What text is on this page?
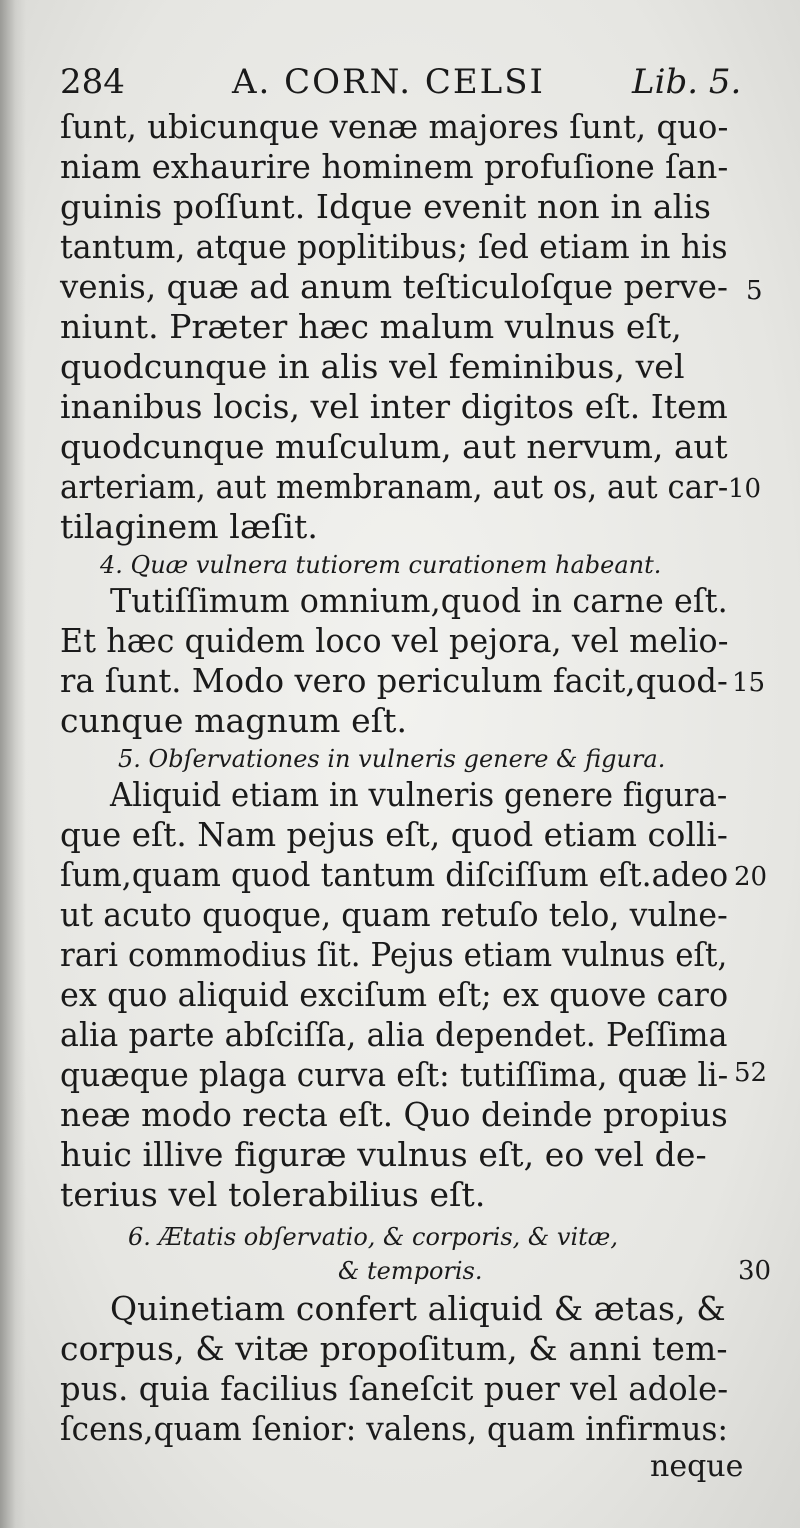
284	A. CORN. CELSI	Lib. 5.
ſunt, ubicunque venæ majores ſunt, quo-
niam exhaurire hominem profuſione ſan-
guinis poſſunt. Idque evenit non in alis
tantum, atque poplitibus; ſed etiam in his
venis, quæ ad anum teſticuloſque perve-
niunt. Præter hæc malum vulnus eſt,
quodcunque in alis vel feminibus, vel
inanibus locis, vel inter digitos eſt. Item
quodcunque muſculum, aut nervum, aut
arteriam, aut membranam, aut os, aut car-
tilaginem læſit.
4. Quæ vulnera tutiorem curationem habeant.
Tutiſſimum omnium,quod in carne eſt.
Et hæc quidem loco vel pejora, vel melio-
ra ſunt. Modo vero periculum facit,quod-
cunque magnum eſt.
5. Obſervationes in vulneris genere & figura.
Aliquid etiam in vulneris genere figura-
que eſt. Nam pejus eſt, quod etiam colli-
ſum,quam quod tantum diſciſſum eſt.adeo
ut acuto quoque, quam retuſo telo, vulne-
rari commodius ſit. Pejus etiam vulnus eſt,
ex quo aliquid exciſum eſt; ex quove caro
alia parte abſciſſa, alia dependet. Peſſima
quæque plaga curva eſt: tutiſſima, quæ li-
neæ modo recta eſt. Quo deinde propius
huic illive figuræ vulnus eſt, eo vel de-
terius vel tolerabilius eſt.
6. Ætatis obſervatio, & corporis, & vitæ,
& temporis.
Quinetiam confert aliquid & ætas, &
corpus, & vitæ propoſitum, & anni tem-
pus. quia facilius ſaneſcit puer vel adole-
ſcens,quam ſenior: valens, quam infirmus:
5
10
15
20
52
30
neque
